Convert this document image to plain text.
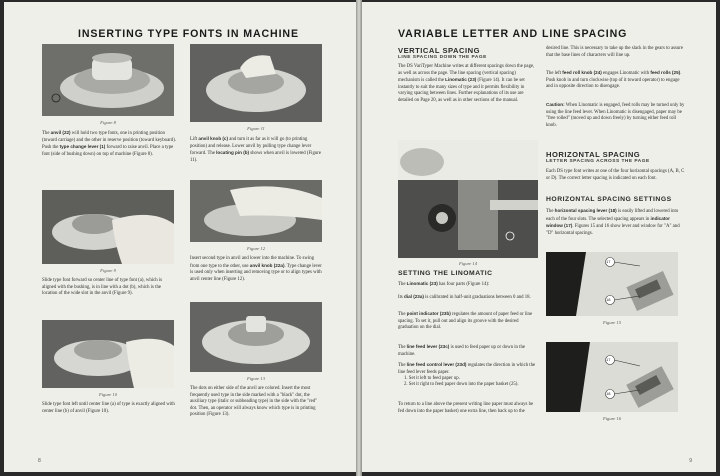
INSERTING TYPE FONTS IN MACHINE
Figure 8
The anvil (22) will hold two type fonts, one in printing position (toward carriage) and the other in reserve position (toward keyboard). Push the type change lever (1) forward to raise anvil. Place a type font (side of bushing down) on top of machine (Figure 8).
Figure 9
Slide type font forward so center line of type font (a), which is aligned with the bushing, is in line with a dot (b), which is the location of the wide slot in the anvil (Figure 9).
Figure 10
Slide type font left until center line (a) of type is exactly aligned with center line (b) of anvil (Figure 10).
Figure 11
Lift anvil knob (c) and turn it as far as it will go (to printing position) and release. Lower anvil by pulling type change lever forward. The locating pin (b) shows when anvil is lowered (Figure 11).
Figure 12
Insert second type in anvil and lower into the machine. To swing from one type to the other, use anvil knob (22a). Type change lever is used only when inserting and removing type or to align types with anvil center line (Figure 12).
Figure 13
The dots on either side of the anvil are colored. Insert the most frequently used type in the side marked with a "black" dot, the auxiliary type (italic or subheading type) in the side with the "red" dot. Then, an operator will always know which type is in printing position (Figure 13).
8
VARIABLE LETTER AND LINE SPACING
VERTICAL SPACING
LINE SPACING DOWN THE PAGE
The DS VariTyper Machine writes at different spacings down the page, as well as across the page. The line spacing (vertical spacing) mechanism is called the Linomatic (23) (Figure 14). It can be set instantly to suit the many sizes of type and it permits flexibility in varying spacing between lines. Further explanations of its use are detailed on Page 20, as well as in other sections of the manual.
Figure 14
SETTING THE LINOMATIC
The Linomatic (23) has four parts (Figure 14):
Its dial (23a) is calibrated in half-unit graduations between 0 and 18.
The point indicator (23b) regulates the amount of paper feed or line spacing. To set it, pull out and align its groove with the desired graduation on the dial.
The line feed lever (23c) is used to feed paper up or down in the machine.
The line feed control lever (23d) regulates the direction in which the line feed lever feeds paper.
1. Set it left to feed paper up.
2. Set it right to feed paper down into the paper basket (25).
To return to a line above the present writing line paper must always be fed down into the paper basket) one extra line, then back up to the
desired line. This is necessary to take up the slack in the gears to assure that the base lines of characters will line up.
The left feed roll knob (24) engages Linomatic with feed rolls (25). Push knob in and turn clockwise (top of it toward operator) to engage and in opposite direction to disengage.
Caution: When Linomatic is engaged, feed rolls may be turned only by using the line feed lever. When Linomatic is disengaged, paper may be "free rolled" (moved up and down freely) by turning either feed roll knob.
HORIZONTAL SPACING
LETTER SPACING ACROSS THE PAGE
Each DS type font writes at one of the four horizontal spacings (A, B, C or D). The correct letter spacing is indicated on each font.
HORIZONTAL SPACING SETTINGS
The horizontal spacing lever (18) is easily lifted and lowered into each of the four slots. The selected spacing appears in indicator window (17). Figures 15 and 16 show lever and window for "A" and "D" horizontal spacings.
17
18
Figure 15
17
18
Figure 16
9
